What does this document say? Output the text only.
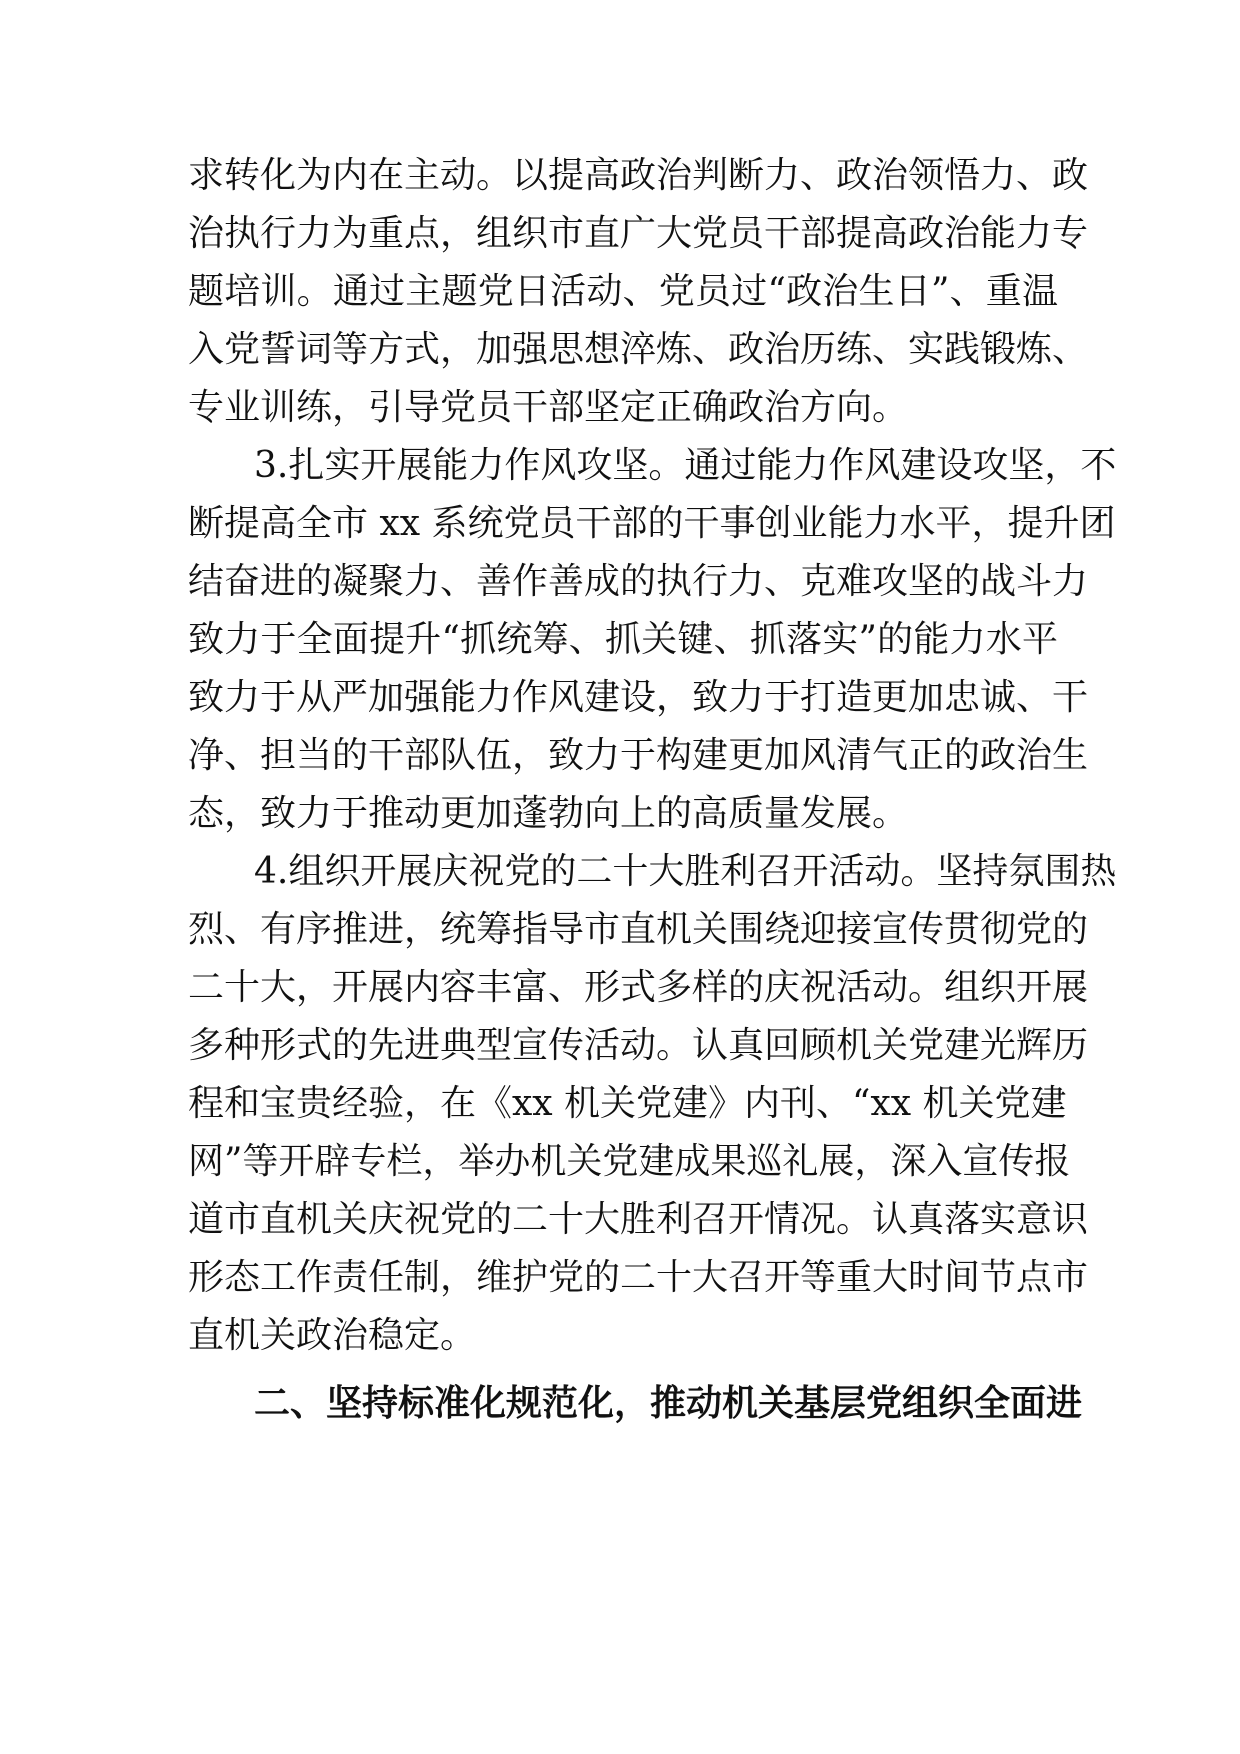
求转化为内在主动。以提高政治判断力、政治领悟力、政
治执行力为重点，组织市直广大党员干部提高政治能力专
题培训。通过主题党日活动、党员过“政治生日”、重温
入党誓词等方式，加强思想淬炼、政治历练、实践锻炼、
专业训练，引导党员干部坚定正确政治方向。
3.扎实开展能力作风攻坚。通过能力作风建设攻坚，不
断提高全市 xx 系统党员干部的干事创业能力水平，提升团
结奋进的凝聚力、善作善成的执行力、克难攻坚的战斗力
致力于全面提升“抓统筹、抓关键、抓落实”的能力水平
致力于从严加强能力作风建设，致力于打造更加忠诚、干
净、担当的干部队伍，致力于构建更加风清气正的政治生
态，致力于推动更加蓬勃向上的高质量发展。
4.组织开展庆祝党的二十大胜利召开活动。坚持氛围热
烈、有序推进，统筹指导市直机关围绕迎接宣传贯彻党的
二十大，开展内容丰富、形式多样的庆祝活动。组织开展
多种形式的先进典型宣传活动。认真回顾机关党建光辉历
程和宝贵经验，在《xx 机关党建》内刊、“xx 机关党建
网”等开辟专栏，举办机关党建成果巡礼展，深入宣传报
道市直机关庆祝党的二十大胜利召开情况。认真落实意识
形态工作责任制，维护党的二十大召开等重大时间节点市
直机关政治稳定。
二、坚持标准化规范化，推动机关基层党组织全面进
